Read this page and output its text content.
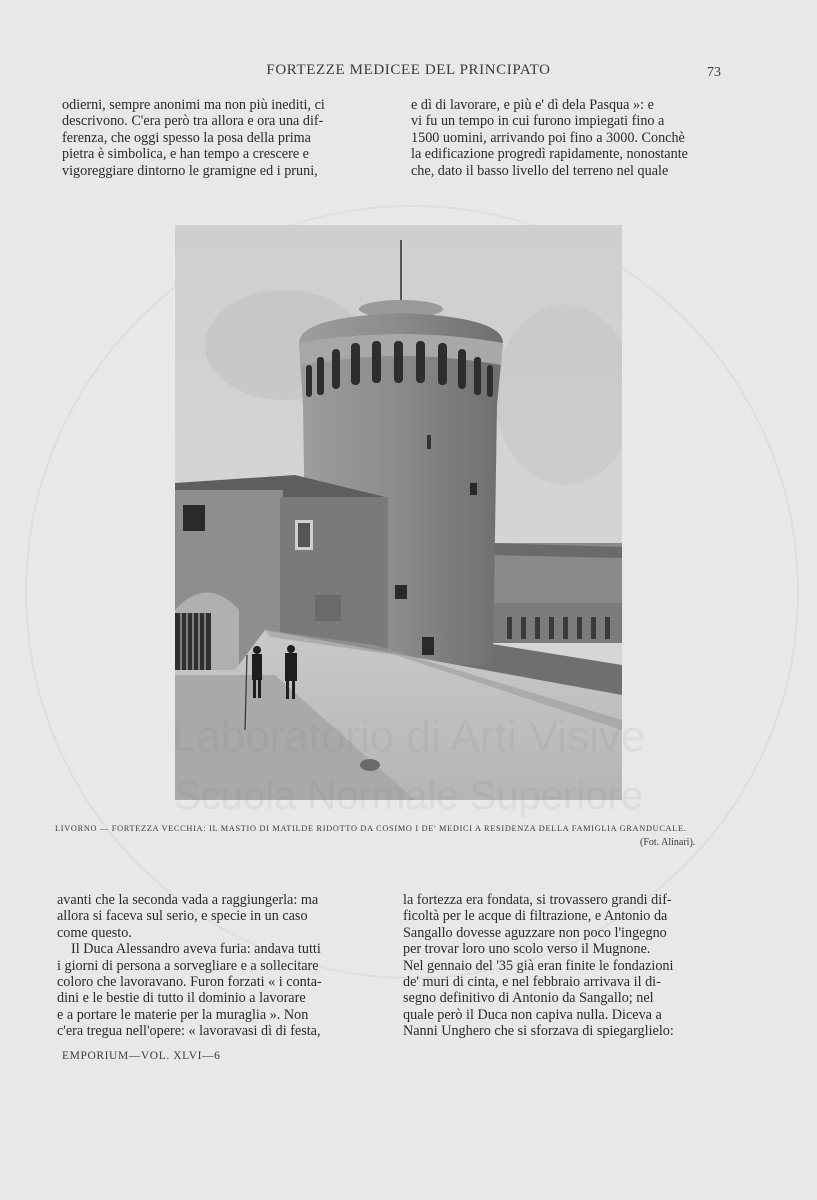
FORTEZZE MEDICEE DEL PRINCIPATO	73
odierni, sempre anonimi ma non più inediti, ci
descrivono. C'era però tra allora e ora una dif-
ferenza, che oggi spesso la posa della prima
pietra è simbolica, e han tempo a crescere e
vigoreggiare dintorno le gramigne ed i pruni,
e dì di lavorare, e più e' dì dela Pasqua »: e
vi fu un tempo in cui furono impiegati fino a
1500 uomini, arrivando poi fino a 3000. Conchè
la edificazione progredì rapidamente, nonostante
che, dato il basso livello del terreno nel quale
LIVORNO — FORTEZZA VECCHIA: IL MASTIO DI MATILDE RIDOTTO DA COSIMO I DE' MEDICI A RESIDENZA DELLA FAMIGLIA GRANDUCALE.
(Fot. Alinari).
Laboratorio di Arti Visive
Scuola Normale Superiore
avanti che la seconda vada a raggiungerla: ma
allora si faceva sul serio, e specie in un caso
come questo.
Il Duca Alessandro aveva furia: andava tutti
i giorni di persona a sorvegliare e a sollecitare
coloro che lavoravano. Furon forzati « i conta-
dini e le bestie di tutto il dominio a lavorare
e a portare le materie per la muraglia ». Non
c'era tregua nell'opere: « lavoravasi dì di festa,
la fortezza era fondata, si trovassero grandi dif-
ficoltà per le acque di filtrazione, e Antonio da
Sangallo dovesse aguzzare non poco l'ingegno
per trovar loro uno scolo verso il Mugnone.
Nel gennaio del '35 già eran finite le fondazioni
de' muri di cinta, e nel febbraio arrivava il di-
segno definitivo di Antonio da Sangallo; nel
quale però il Duca non capiva nulla. Diceva a
Nanni Unghero che si sforzava di spiegarglielo:
EMPORIUM—VOL. XLVI—6
